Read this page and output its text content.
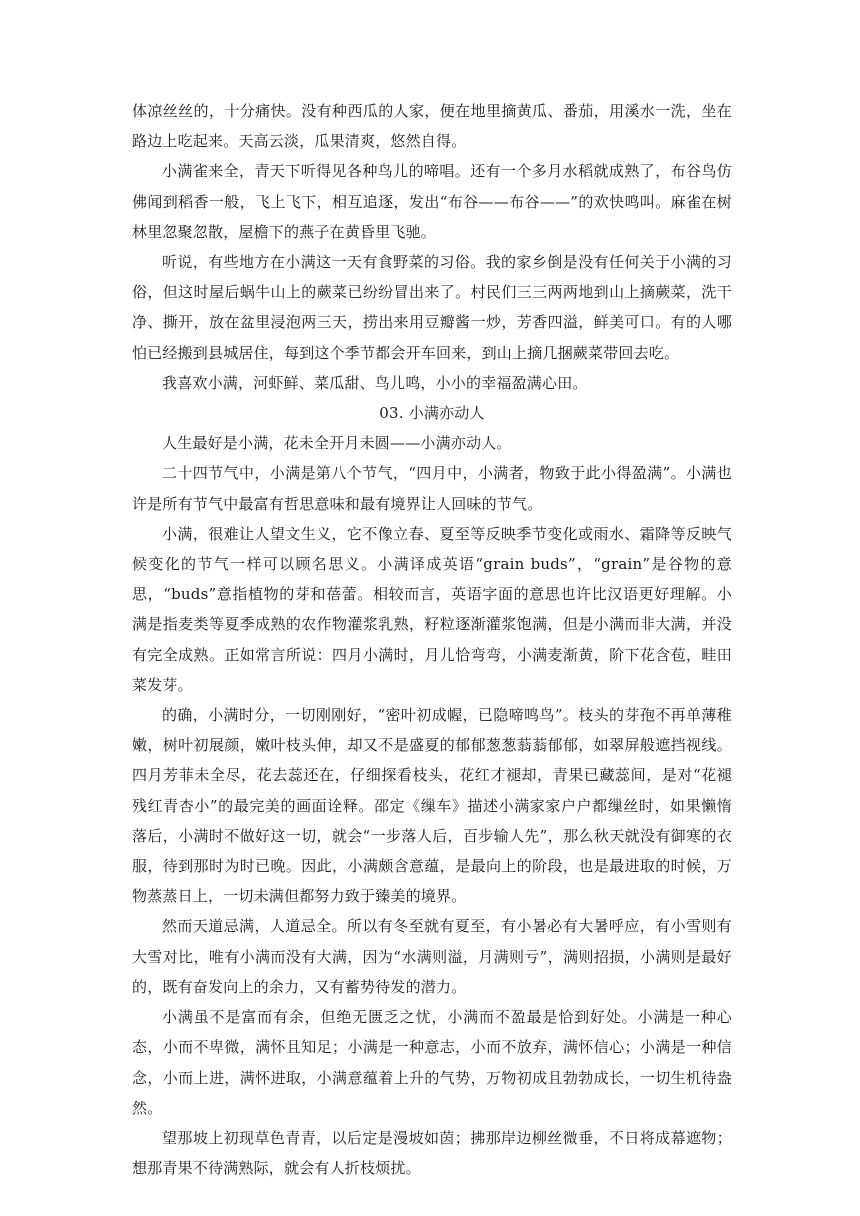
体凉丝丝的，十分痛快。没有种西瓜的人家，便在地里摘黄瓜、番茄，用溪水一洗，坐在路边上吃起来。天高云淡，瓜果清爽，悠然自得。

小满雀来全，青天下听得见各种鸟儿的啼唱。还有一个多月水稻就成熟了，布谷鸟仿佛闻到稻香一般，飞上飞下，相互追逐，发出“布谷——布谷——”的欢快鸣叫。麻雀在树林里忽聚忽散，屋檐下的燕子在黄昏里飞驰。

听说，有些地方在小满这一天有食野菜的习俗。我的家乡倒是没有任何关于小满的习俗，但这时屋后蜗牛山上的蕨菜已纷纷冒出来了。村民们三三两两地到山上摘蕨菜，洗干净、撕开，放在盆里浸泡两三天，捞出来用豆瓣酱一炒，芳香四溢，鲜美可口。有的人哪怕已经搬到县城居住，每到这个季节都会开车回来，到山上摘几捆蕨菜带回去吃。

我喜欢小满，河虾鲜、菜瓜甜、鸟儿鸣，小小的幸福盈满心田。

03. 小满亦动人

人生最好是小满，花未全开月未圆——小满亦动人。

二十四节气中，小满是第八个节气，“四月中，小满者，物致于此小得盈满”。小满也许是所有节气中最富有哲思意味和最有境界让人回味的节气。

小满，很难让人望文生义，它不像立春、夏至等反映季节变化或雨水、霜降等反映气候变化的节气一样可以顾名思义。小满译成英语“grain buds”，“grain”是谷物的意思，“buds”意指植物的芽和蓓蕾。相较而言，英语字面的意思也许比汉语更好理解。小满是指麦类等夏季成熟的农作物灌浆乳熟，籽粒逐渐灌浆饱满，但是小满而非大满，并没有完全成熟。正如常言所说：四月小满时，月儿恰弯弯，小满麦渐黄，阶下花含苞，畦田菜发芽。

的确，小满时分，一切刚刚好，“密叶初成幄，已隐啼鸣鸟”。枝头的芽孢不再单薄稚嫩，树叶初展颜，嫩叶枝头伸，却又不是盛夏的郁郁葱葱蓊蓊郁郁，如翠屏般遮挡视线。四月芳菲未全尽，花去蕊还在，仔细探看枝头，花红才褪却，青果已藏蕊间，是对“花褪残红青杏小”的最完美的画面诠释。邵定《缫车》描述小满家家户户都缫丝时，如果懒惰落后，小满时不做好这一切，就会“一步落人后，百步输人先”，那么秋天就没有御寒的衣服，待到那时为时已晚。因此，小满颇含意蕴，是最向上的阶段，也是最进取的时候，万物蒸蒸日上，一切未满但都努力致于臻美的境界。

然而天道忌满，人道忌全。所以有冬至就有夏至，有小暑必有大暑呼应，有小雪则有大雪对比，唯有小满而没有大满，因为“水满则溢，月满则亏”，满则招损，小满则是最好的，既有奋发向上的余力，又有蓄势待发的潜力。

小满虽不是富而有余，但绝无匮乏之忧，小满而不盈最是恰到好处。小满是一种心态，小而不卑微，满怀且知足；小满是一种意志，小而不放弃，满怀信心；小满是一种信念，小而上进，满怀进取，小满意蕴着上升的气势，万物初成且勃勃成长，一切生机待盎然。

望那坡上初现草色青青，以后定是漫坡如茵；拂那岸边柳丝微垂，不日将成幕遮物；想那青果不待满熟际，就会有人折枝烦扰。
